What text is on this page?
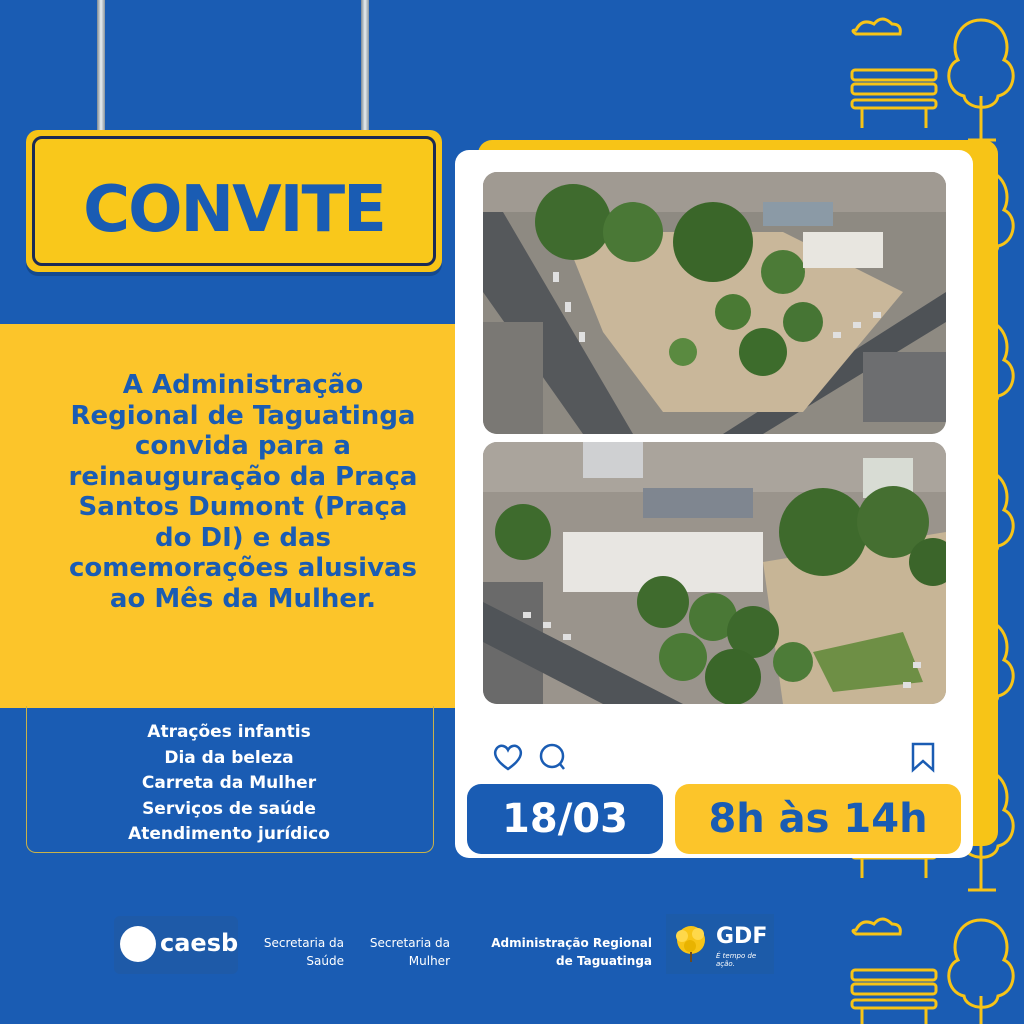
CONVITE
A Administração Regional de Taguatinga convida para a reinauguração da Praça Santos Dumont (Praça do DI) e das comemorações alusivas ao Mês da Mulher.
Atrações infantis
Dia da beleza
Carreta da Mulher
Serviços de saúde
Atendimento jurídico	18/03	8h às 14h
caesb	Secretaria da
Saúde
Secretaria da
Mulher
Administração Regional
de Taguatinga
GDF
É tempo de ação.
